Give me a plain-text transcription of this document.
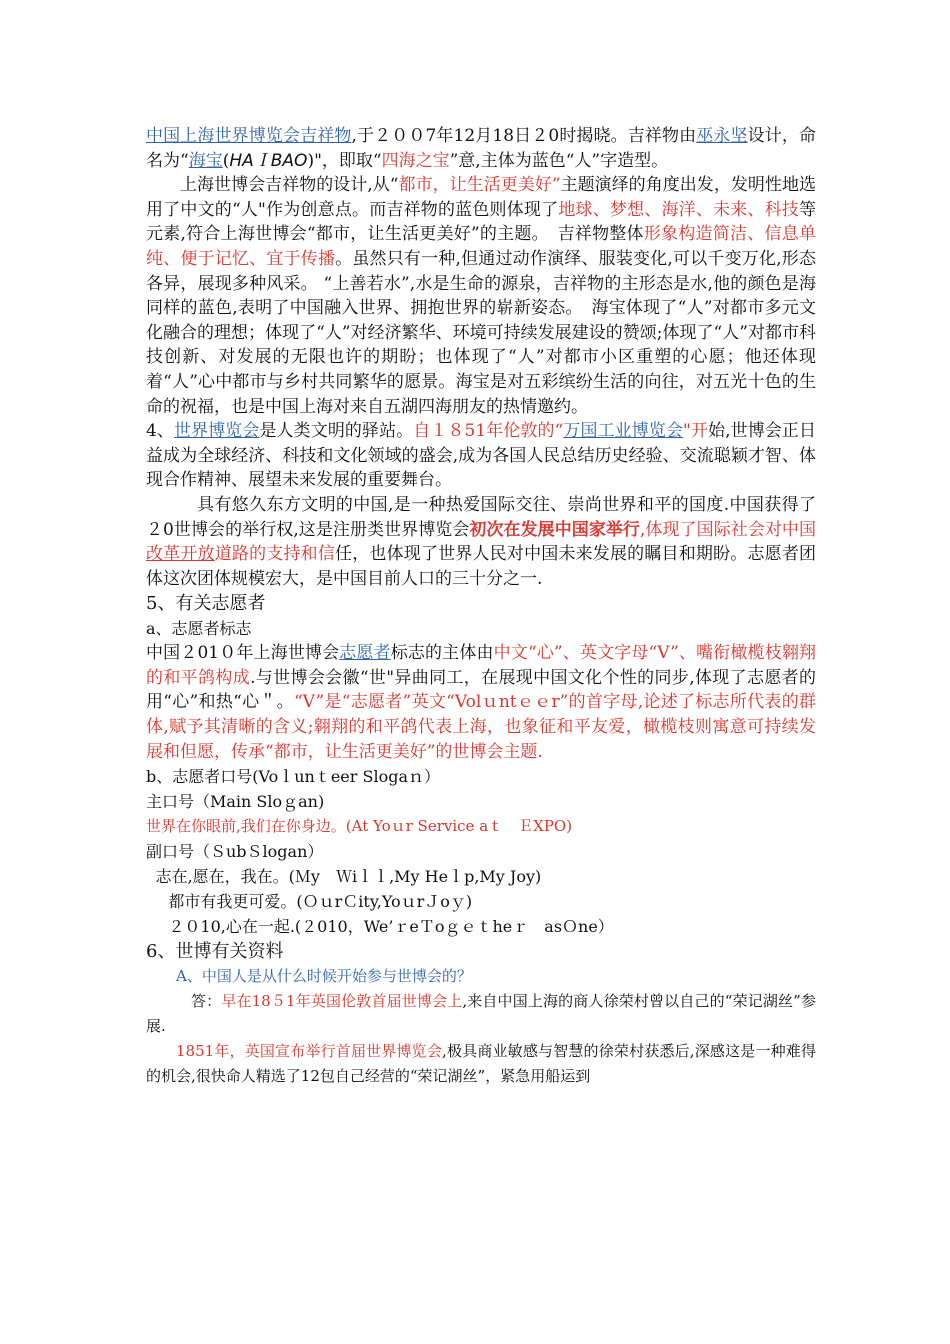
中国上海世界博览会吉祥物,于２００7年12月18日２0时揭晓。吉祥物由巫永坚设计，命名为“海宝(HAＩBAO)"，即取“四海之宝”意,主体为蓝色“人”字造型。

上海世博会吉祥物的设计,从“都市，让生活更美好”主题演绎的角度出发，发明性地选用了中文的“人"作为创意点。而吉祥物的蓝色则体现了地球、梦想、海洋、未来、科技等元素,符合上海世博会“都市，让生活更美好”的主题。　吉祥物整体形象构造简洁、信息单纯、便于记忆、宜于传播。虽然只有一种,但通过动作演绎、服装变化,可以千变万化,形态各异，展现多种风采。 “上善若水”,水是生命的源泉，吉祥物的主形态是水,他的颜色是海同样的蓝色,表明了中国融入世界、拥抱世界的崭新姿态。　海宝体现了“人”对都市多元文化融合的理想；体现了“人”对经济繁华、环境可持续发展建设的赞颂;体现了“人”对都市科技创新、对发展的无限也许的期盼；也体现了“人”对都市小区重塑的心愿；他还体现着“人”心中都市与乡村共同繁华的愿景。海宝是对五彩缤纷生活的向往，对五光十色的生命的祝福，也是中国上海对来自五湖四海朋友的热情邀约。

4、世界博览会是人类文明的驿站。自１８51年伦敦的“万国工业博览会"开始,世博会正日益成为全球经济、科技和文化领域的盛会,成为各国人民总结历史经验、交流聪颖才智、体现合作精神、展望未来发展的重要舞台。

具有悠久东方文明的中国,是一种热爱国际交往、崇尚世界和平的国度.中国获得了２0世博会的举行权,这是注册类世界博览会初次在发展中国家举行,体现了国际社会对中国改革开放道路的支持和信任，也体现了世界人民对中国未来发展的瞩目和期盼。志愿者团体这次团体规模宏大，是中国目前人口的三十分之一.

5、有关志愿者

a、志愿者标志

中国２01０年上海世博会志愿者标志的主体由中文“心”、英文字母“V”、嘴衔橄榄枝翱翔的和平鸽构成.与世博会会徽“世"异曲同工，在展现中国文化个性的同步,体现了志愿者的用“心”和热“心＂。“V”是“志愿者”英文“Volｕntｅｅr”的首字母,论述了标志所代表的群体,赋予其清晰的含义;翱翔的和平鸽代表上海，也象征和平友爱，橄榄枝则寓意可持续发展和但愿，传承“都市，让生活更美好”的世博会主题.

b、志愿者口号(Voｌunｔeer Slogaｎ）

主口号（Main Sloｇan)

世界在你眼前,我们在你身边。(At Yoｕr Service aｔ　ＥXPO)

副口号（ＳubＳlogan）

志在,愿在，我在。(Ｍy　Ｗiｌｌ,My Heｌp,My Joy)

都市有我更可爱。(ＯｕrＣity,YoｕrＪoｙ)

２０10,心在一起.(２010，We’ｒeＴoｇｅｔheｒ　asＯne）

6、世博有关资料

A、中国人是从什么时候开始参与世博会的？

答：早在18５1年英国伦敦首届世博会上,来自中国上海的商人徐荣村曾以自己的“荣记湖丝”参展.

1851年，英国宣布举行首届世界博览会,极具商业敏感与智慧的徐荣村获悉后,深感这是一种难得的机会,很快命人精选了12包自己经营的“荣记湖丝”，紧急用船运到
